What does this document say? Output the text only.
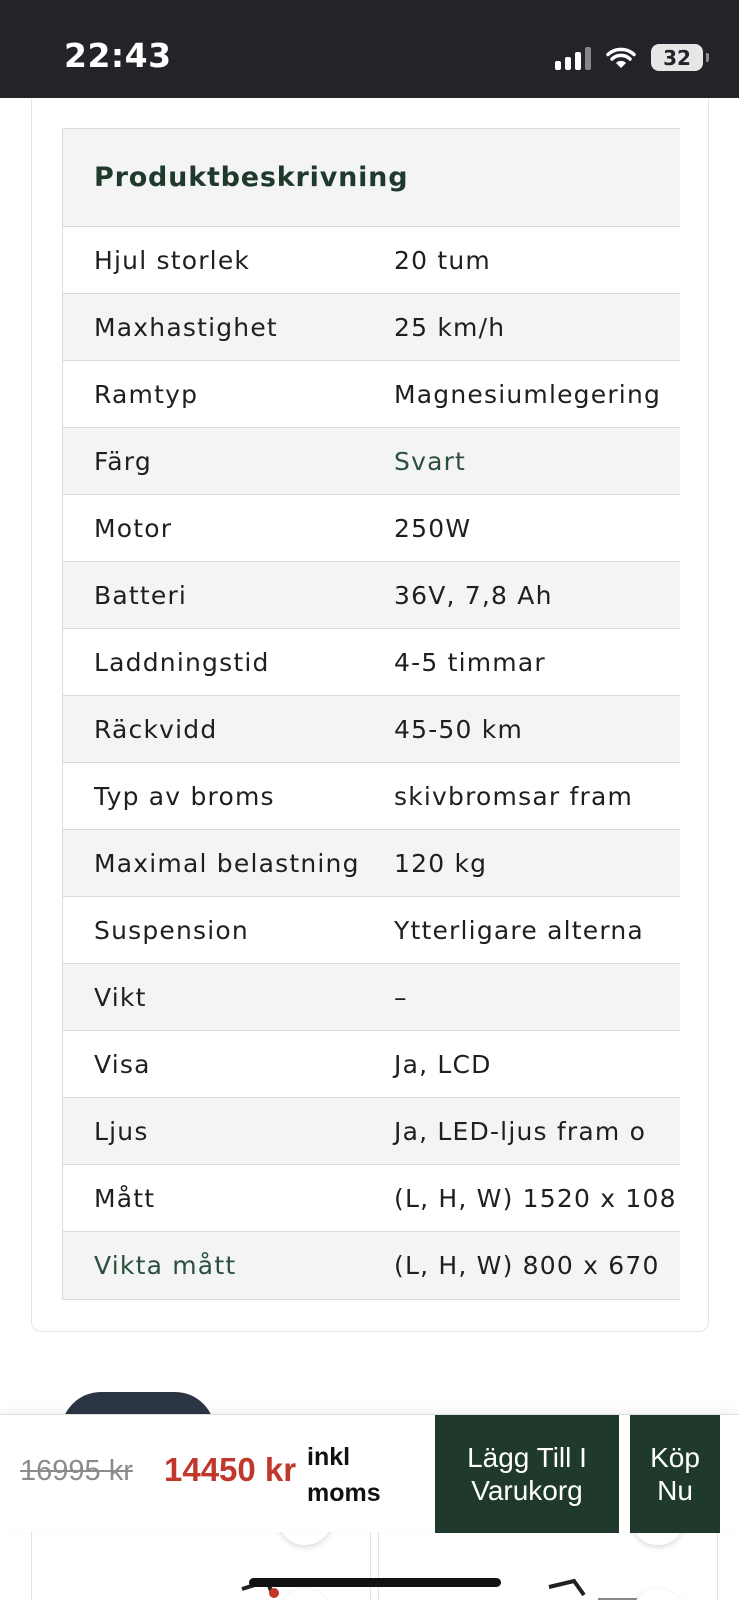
22:43	32
Produktbeskrivning
Hjul storlek	20 tum
Maxhastighet	25 km/h
Ramtyp	Magnesiumlegering
Färg	Svart
Motor	250W
Batteri	36V, 7,8 Ah
Laddningstid	4-5 timmar
Räckvidd	45-50 km
Typ av broms	skivbromsar fram
Maximal belastning	120 kg
Suspension	Ytterligare alterna
Vikt	–
Visa	Ja, LCD
Ljus	Ja, LED-ljus fram o
Mått	(L, H, W) 1520 x 108
Vikta mått	(L, H, W) 800 x 670
16995 kr 14450 kr inkl
moms
Lägg Till I
Varukorg
Köp
Nu
